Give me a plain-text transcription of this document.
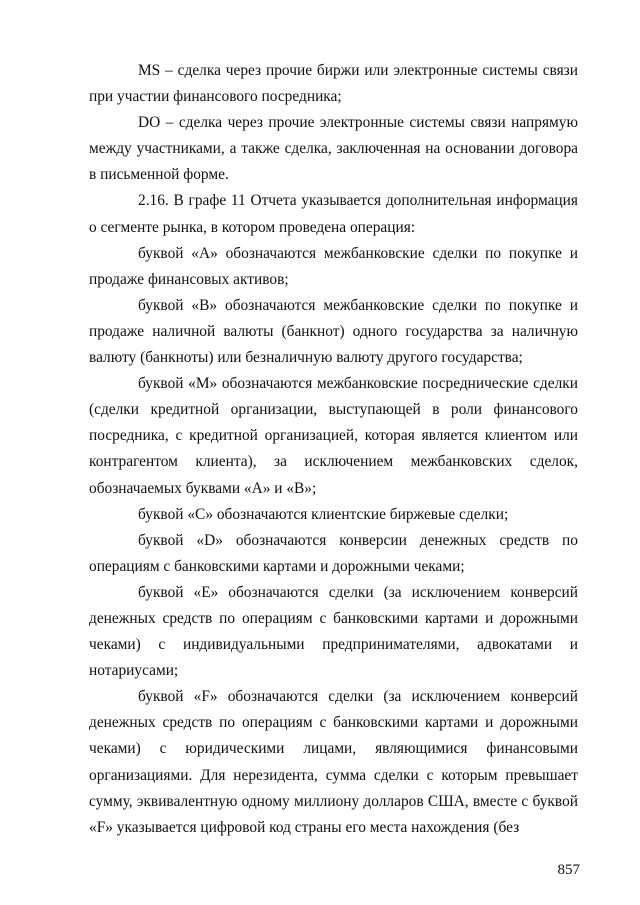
MS – сделка через прочие биржи или электронные системы связи при участии финансового посредника;

DO – сделка через прочие электронные системы связи напрямую между участниками, а также сделка, заключенная на основании договора в письменной форме.

2.16. В графе 11 Отчета указывается дополнительная информация о сегменте рынка, в котором проведена операция:

буквой «A» обозначаются межбанковские сделки по покупке и продаже финансовых активов;

буквой «B» обозначаются межбанковские сделки по покупке и продаже наличной валюты (банкнот) одного государства за наличную валюту (банкноты) или безналичную валюту другого государства;

буквой «M» обозначаются межбанковские посреднические сделки (сделки кредитной организации, выступающей в роли финансового посредника, с кредитной организацией, которая является клиентом или контрагентом клиента), за исключением межбанковских сделок, обозначаемых буквами «A» и «B»;

буквой «C» обозначаются клиентские биржевые сделки;

буквой «D» обозначаются конверсии денежных средств по операциям с банковскими картами и дорожными чеками;

буквой «E» обозначаются сделки (за исключением конверсий денежных средств по операциям с банковскими картами и дорожными чеками) с индивидуальными предпринимателями, адвокатами и нотариусами;

буквой «F» обозначаются сделки (за исключением конверсий денежных средств по операциям с банковскими картами и дорожными чеками) с юридическими лицами, являющимися финансовыми организациями. Для нерезидента, сумма сделки с которым превышает сумму, эквивалентную одному миллиону долларов США, вместе с буквой «F» указывается цифровой код страны его места нахождения (без

857
